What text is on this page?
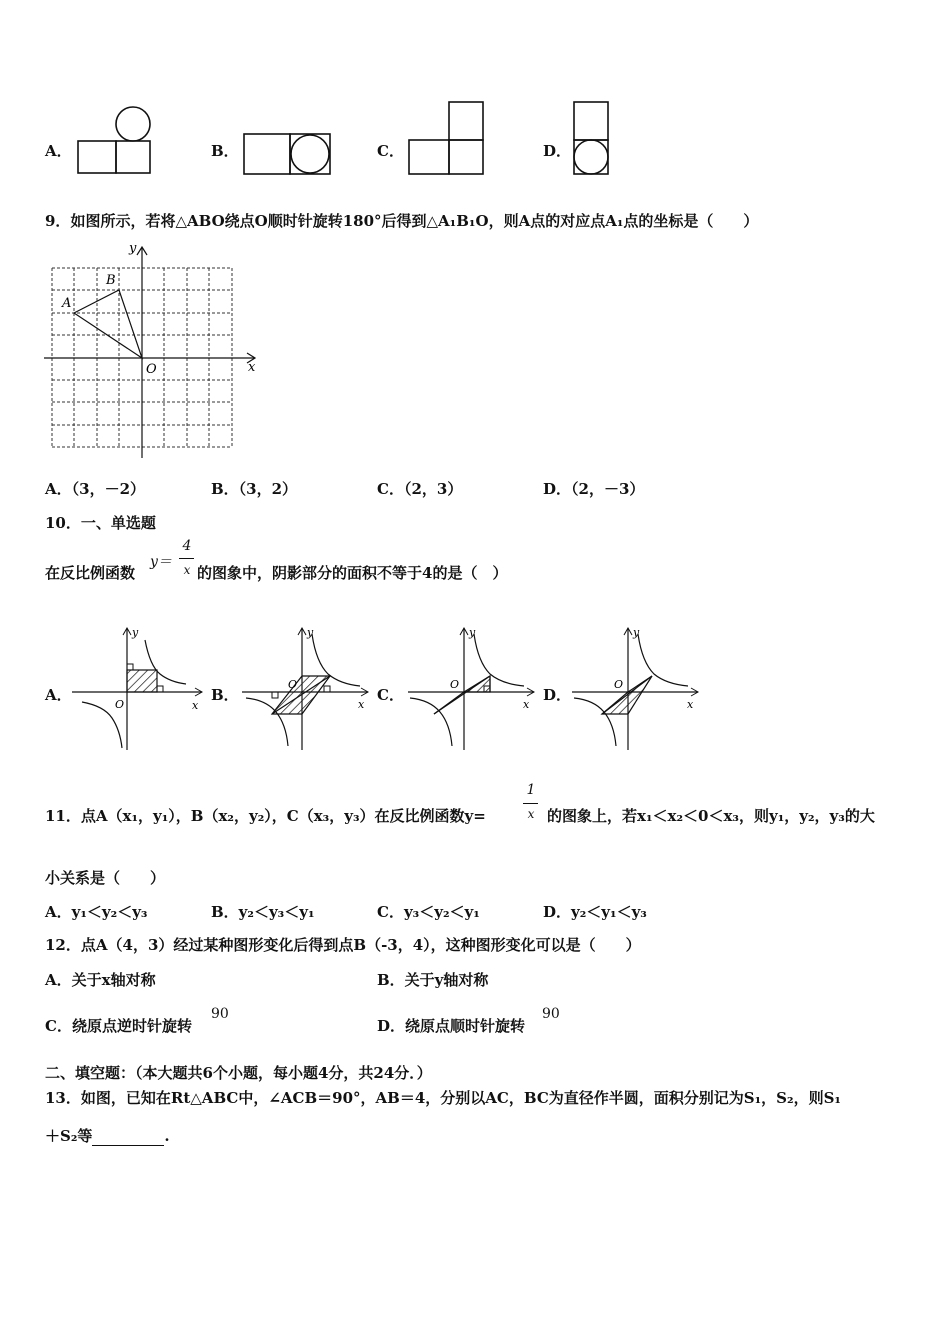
A．	B．	C．	D．
9．如图所示，若将△ABO绕点O顺时针旋转180°后得到△A₁B₁O，则A点的对应点A₁点的坐标是（　　）
A
B
O	x
y
A．（3，－2）	B．（3，2）	C．（2，3）	D．（2，－3）
10．一、单选题
在反比例函数
y＝
4
x 的图象中，阴影部分的面积不等于4的是（　）
A．
O	x
y
B．
O
x
y
C．
O
x
y
D．
O
x
y
11．点A（x₁，y₁），B（x₂，y₂），C（x₃，y₃）在反比例函数y=
1
x 的图象上，若x₁＜x₂＜0＜x₃，则y₁，y₂，y₃的大
小关系是（　　）
A．y₁＜y₂＜y₃	B．y₂＜y₃＜y₁	C．y₃＜y₂＜y₁	D．y₂＜y₁＜y₃
12．点A（4，3）经过某种图形变化后得到点B（-3，4），这种图形变化可以是（　　）
A．关于x轴对称	B．关于y轴对称
C．绕原点逆时针旋转
90
D．绕原点顺时针旋转
90
二、填空题：（本大题共6个小题，每小题4分，共24分．）
13．如图，已知在Rt△ABC中，∠ACB＝90°，AB＝4，分别以AC，BC为直径作半圆，面积分别记为S₁，S₂，则S₁
＋S₂等	.
